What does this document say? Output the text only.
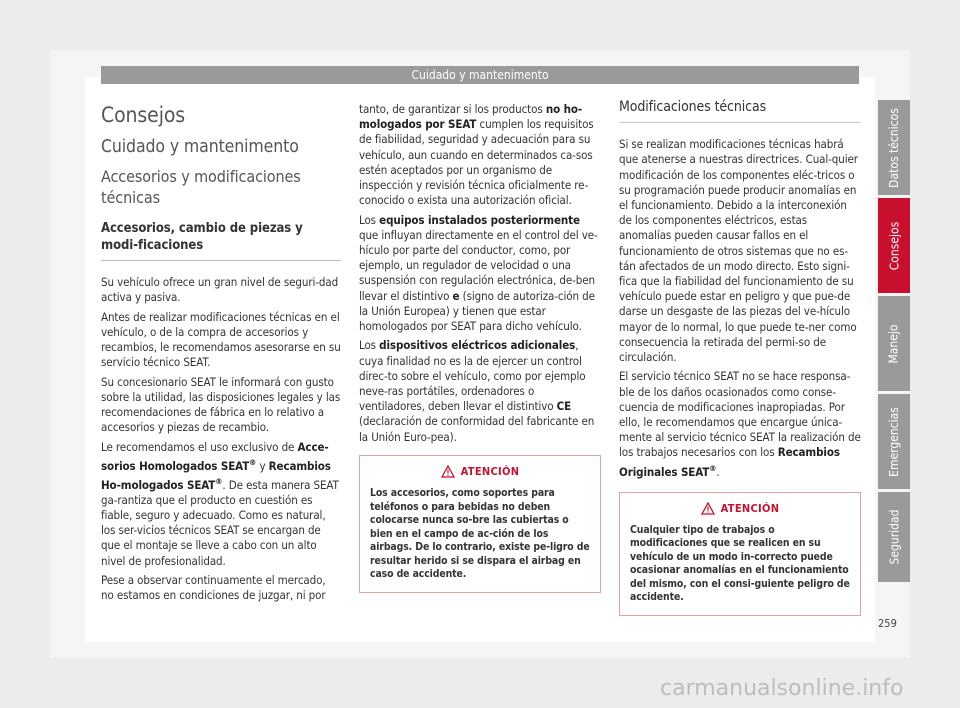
Cuidado y mantenimento
Consejos
Cuidado y mantenimento
Accesorios y modificaciones técnicas
Accesorios, cambio de piezas y modi-ficaciones

Su vehículo ofrece un gran nivel de seguri-dad activa y pasiva.

Antes de realizar modificaciones técnicas en el vehículo, o de la compra de accesorios y recambios, le recomendamos asesorarse en su servicio técnico SEAT.

Su concesionario SEAT le informará con gusto sobre la utilidad, las disposiciones legales y las recomendaciones de fábrica en lo relativo a accesorios y piezas de recambio.

Le recomendamos el uso exclusivo de Acce-sorios Homologados SEAT® y Recambios Ho-mologados SEAT®. De esta manera SEAT ga-rantiza que el producto en cuestión es fiable, seguro y adecuado. Como es natural, los ser-vicios técnicos SEAT se encargan de que el montaje se lleve a cabo con un alto nivel de profesionalidad.

Pese a observar continuamente el mercado, no estamos en condiciones de juzgar, ni por

tanto, de garantizar si los productos no ho-mologados por SEAT cumplen los requisitos de fiabilidad, seguridad y adecuación para su vehículo, aun cuando en determinados ca-sos estén aceptados por un organismo de inspección y revisión técnica oficialmente re-conocido o exista una autorización oficial.

Los equipos instalados posteriormente que influyan directamente en el control del ve-hículo por parte del conductor, como, por ejemplo, un regulador de velocidad o una suspensión con regulación electrónica, de-ben llevar el distintivo e (signo de autoriza-ción de la Unión Europea) y tienen que estar homologados por SEAT para dicho vehículo.

Los dispositivos eléctricos adicionales, cuya finalidad no es la de ejercer un control direc-to sobre el vehículo, como por ejemplo neve-ras portátiles, ordenadores o ventiladores, deben llevar el distintivo CE (declaración de conformidad del fabricante en la Unión Euro-pea).

ATENCIÓN
Los accesorios, como soportes para teléfonos o para bebidas no deben colocarse nunca so-bre las cubiertas o bien en el campo de ac-ción de los airbags. De lo contrario, existe pe-ligro de resultar herido si se dispara el airbag en caso de accidente.
Modificaciones técnicas

Si se realizan modificaciones técnicas habrá que atenerse a nuestras directrices. Cual-quier modificación de los componentes eléc-tricos o su programación puede producir anomalías en el funcionamiento. Debido a la interconexión de los componentes eléctricos, estas anomalías pueden causar fallos en el funcionamiento de otros sistemas que no es-tán afectados de un modo directo. Esto signi-fica que la fiabilidad del funcionamiento de su vehículo puede estar en peligro y que pue-de darse un desgaste de las piezas del ve-hículo mayor de lo normal, lo que puede te-ner como consecuencia la retirada del permi-so de circulación.

El servicio técnico SEAT no se hace responsa-ble de los daños ocasionados como conse-cuencia de modificaciones inapropiadas. Por ello, le recomendamos que encargue única-mente al servicio técnico SEAT la realización de los trabajos necesarios con los Recambios Originales SEAT®.

ATENCIÓN
Cualquier tipo de trabajos o modificaciones que se realicen en su vehículo de un modo in-correcto puede ocasionar anomalías en el funcionamiento del mismo, con el consi-guiente peligro de accidente.
Datos técnicos
Consejos
Manejo
Emergencias
Seguridad
259
carmanualsonline.info
